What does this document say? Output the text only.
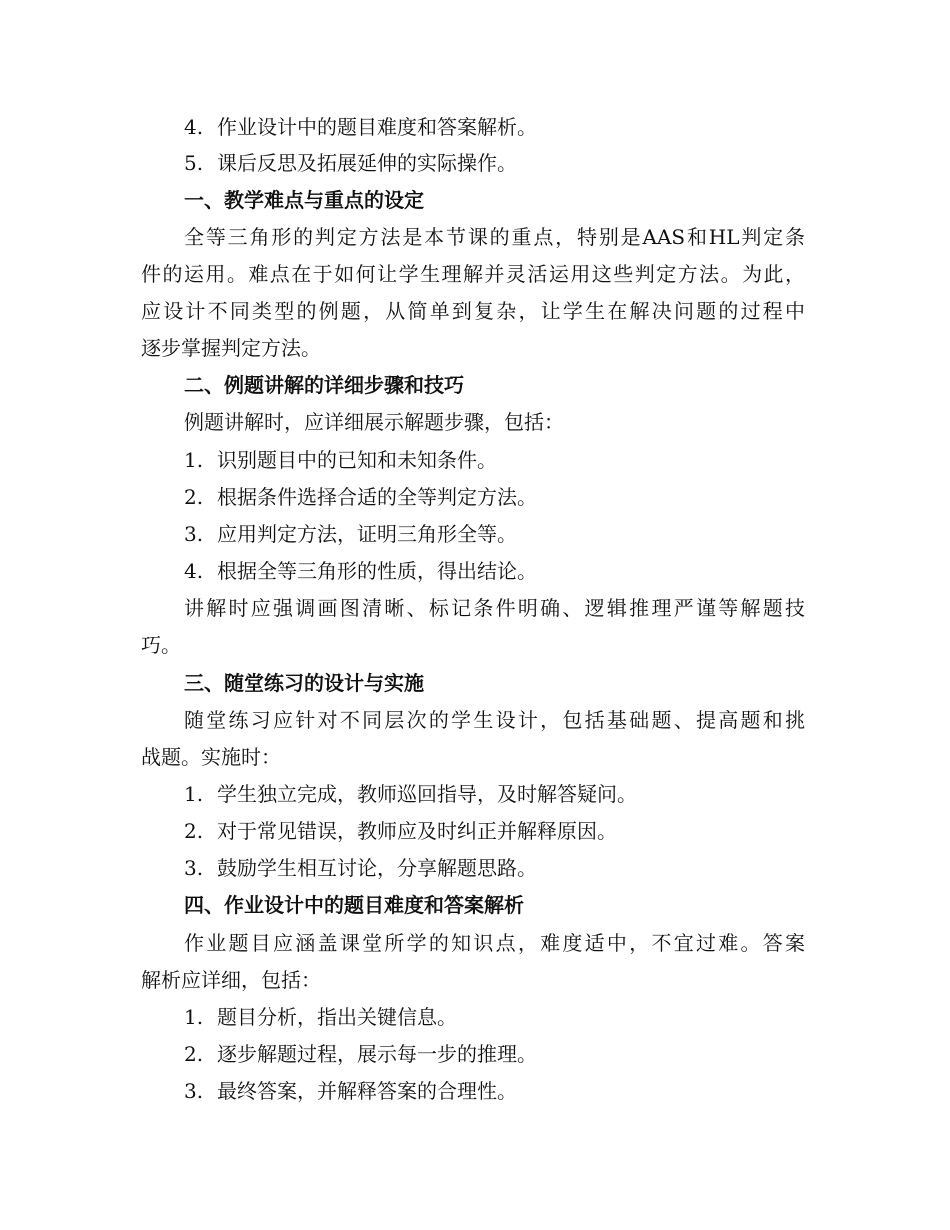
4. 作业设计中的题目难度和答案解析。
5. 课后反思及拓展延伸的实际操作。
一、教学难点与重点的设定
全等三角形的判定方法是本节课的重点，特别是AAS和HL判定条
件的运用。难点在于如何让学生理解并灵活运用这些判定方法。为此，
应设计不同类型的例题，从简单到复杂，让学生在解决问题的过程中
逐步掌握判定方法。
二、例题讲解的详细步骤和技巧
例题讲解时，应详细展示解题步骤，包括：
1. 识别题目中的已知和未知条件。
2. 根据条件选择合适的全等判定方法。
3. 应用判定方法，证明三角形全等。
4. 根据全等三角形的性质，得出结论。
讲解时应强调画图清晰、标记条件明确、逻辑推理严谨等解题技
巧。
三、随堂练习的设计与实施
随堂练习应针对不同层次的学生设计，包括基础题、提高题和挑
战题。实施时：
1. 学生独立完成，教师巡回指导，及时解答疑问。
2. 对于常见错误，教师应及时纠正并解释原因。
3. 鼓励学生相互讨论，分享解题思路。
四、作业设计中的题目难度和答案解析
作业题目应涵盖课堂所学的知识点，难度适中，不宜过难。答案
解析应详细，包括：
1. 题目分析，指出关键信息。
2. 逐步解题过程，展示每一步的推理。
3. 最终答案，并解释答案的合理性。
